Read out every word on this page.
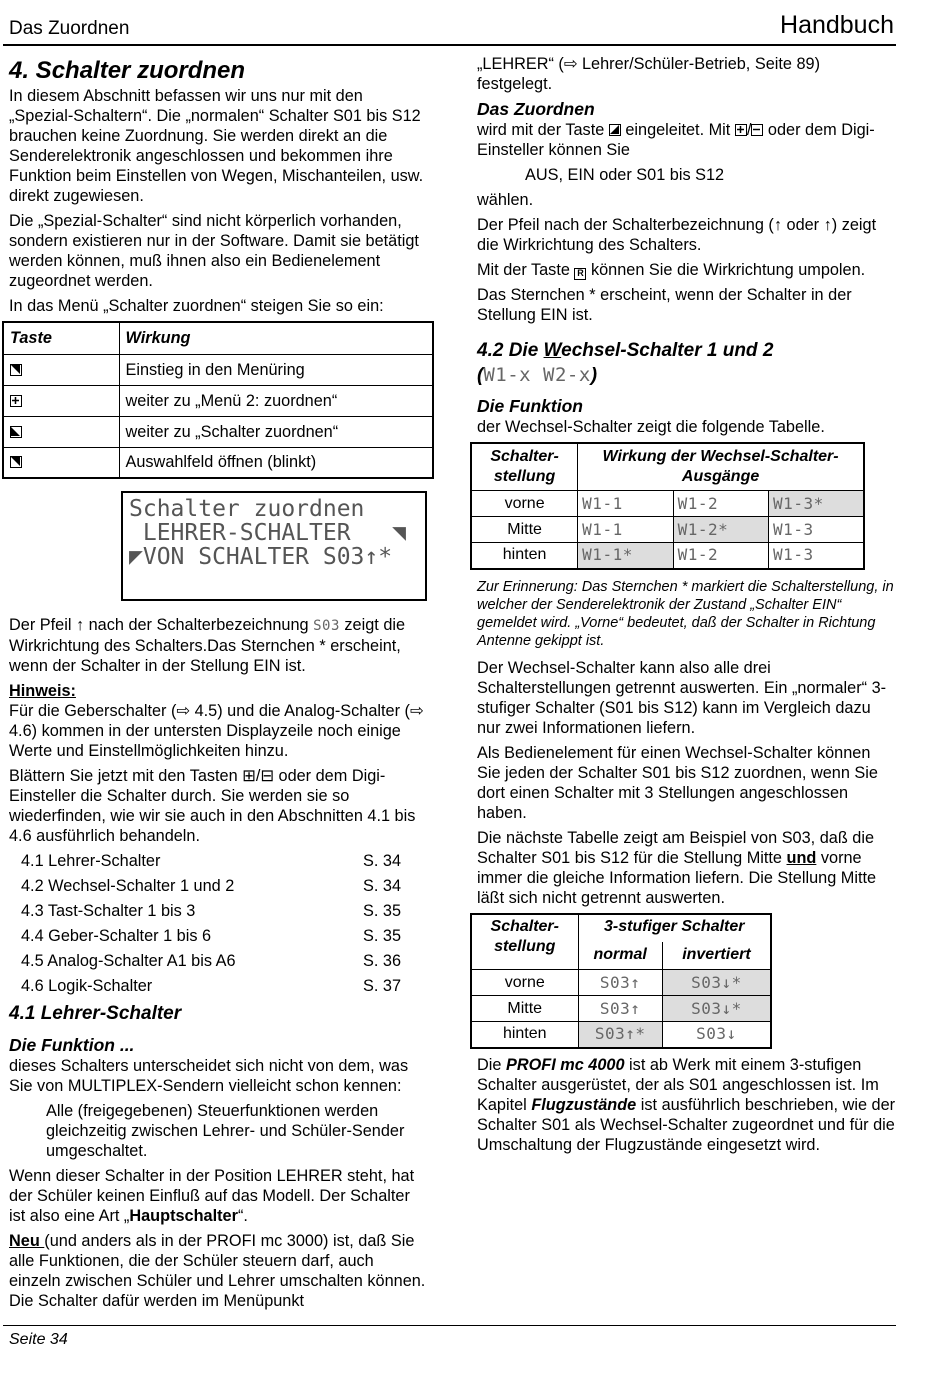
Das Zuordnen	Handbuch
4. Schalter zuordnen

In diesem Abschnitt befassen wir uns nur mit den „Spezial-Schaltern“. Die „normalen“ Schalter S01 bis S12 brauchen keine Zuordnung. Sie werden direkt an die Senderelektronik angeschlossen und bekommen ihre Funktion beim Einstellen von Wegen, Mischanteilen, usw. direkt zugewiesen.

Die „Spezial-Schalter“ sind nicht körperlich vorhanden, sondern existieren nur in der Software. Damit sie betätigt werden können, muß ihnen also ein Bedienelement zugeordnet werden.

In das Menü „Schalter zuordnen“ steigen Sie so ein:

Taste	Wirkung

	Einstieg in den Menüring

	weiter zu „Menü 2: zuordnen“

	weiter zu „Schalter zuordnen“

	Auswahlfeld öffnen (blinkt)
Schalter zuordnen
LEHRER-SCHALTER   ◥
◤VON SCHALTER S03↑*

Der Pfeil ↑ nach der Schalterbezeichnung S03 zeigt die Wirkrichtung des Schalters.Das Sternchen * erscheint, wenn der Schalter in der Stellung EIN ist.

Hinweis:

Für die Geberschalter (⇨ 4.5) und die Analog-Schalter (⇨ 4.6) kommen in der untersten Displayzeile noch einige Werte und Einstellmöglichkeiten hinzu.

Blättern Sie jetzt mit den Tasten ⊞/⊟ oder dem Digi-Einsteller die Schalter durch. Sie werden sie so wiederfinden, wie wir sie auch in den Abschnitten 4.1 bis 4.6 ausführlich behandeln.

4.1 Lehrer-Schalter	S. 34
4.2 Wechsel-Schalter 1 und 2	S. 34
4.3 Tast-Schalter 1 bis 3	S. 35
4.4 Geber-Schalter 1 bis 6	S. 35
4.5 Analog-Schalter A1 bis A6	S. 36
4.6 Logik-Schalter	S. 37
4.1 Lehrer-Schalter
Die Funktion ...

dieses Schalters unterscheidet sich nicht von dem, was Sie von MULTIPLEX-Sendern vielleicht schon kennen:

Alle (freigegebenen) Steuerfunktionen werden gleichzeitig zwischen Lehrer- und Schüler-Sender umgeschaltet.

Wenn dieser Schalter in der Position LEHRER steht, hat der Schüler keinen Einfluß auf das Modell. Der Schalter ist also eine Art „Hauptschalter“.

Neu (und anders als in der PROFI mc 3000) ist, daß Sie alle Funktionen, die der Schüler steuern darf, auch einzeln zwischen Schüler und Lehrer umschalten können. Die Schalter dafür werden im Menüpunkt

„LEHRER“ (⇨ Lehrer/Schüler-Betrieb, Seite 89) festgelegt.

Das Zuordnen

wird mit der Taste
eingeleitet. Mit
/
oder dem Digi-Einsteller können Sie

AUS, EIN oder S01 bis S12

wählen.

Der Pfeil nach der Schalterbezeichnung (↑ oder ↑) zeigt die Wirkrichtung des Schalters.

Mit der Taste R können Sie die Wirkrichtung umpolen.

Das Sternchen * erscheint, wenn der Schalter in der Stellung EIN ist.

4.2 Die Wechsel-Schalter 1 und 2
(W1-x W2-x)
Die Funktion

der Wechsel-Schalter zeigt die folgende Tabelle.

Schalter-stellung	Wirkung der Wechsel-Schalter-Ausgänge		
vorne	W1-1	W1-2	W1-3*
Mitte	W1-1	W1-2*	W1-3
hinten	W1-1*	W1-2	W1-3
Zur Erinnerung: Das Sternchen * markiert die Schalterstellung, in welcher der Senderelektronik der Zustand „Schalter EIN“ gemeldet wird. „Vorne“ bedeutet, daß der Schalter in Richtung Antenne gekippt ist.

Der Wechsel-Schalter kann also alle drei Schalterstellungen getrennt auswerten. Ein „normaler“ 3-stufiger Schalter (S01 bis S12) kann im Vergleich dazu nur zwei Informationen liefern.

Als Bedienelement für einen Wechsel-Schalter können Sie jeden der Schalter S01 bis S12 zuordnen, wenn Sie dort einen Schalter mit 3 Stellungen angeschlossen haben.

Die nächste Tabelle zeigt am Beispiel von S03, daß die Schalter S01 bis S12 für die Stellung Mitte und vorne immer die gleiche Information liefern. Die Stellung Mitte läßt sich nicht getrennt auswerten.

Schalter-stellung	3-stufiger Schalter	
	normal	invertiert
vorne	S03↑	S03↓*
Mitte	S03↑	S03↓*
hinten	S03↑*	S03↓

Die PROFI mc 4000 ist ab Werk mit einem 3-stufigen Schalter ausgerüstet, der als S01 angeschlossen ist. Im Kapitel Flugzustände ist ausführlich beschrieben, wie der Schalter S01 als Wechsel-Schalter zugeordnet und für die Umschaltung der Flugzustände eingesetzt wird.

Seite 34
